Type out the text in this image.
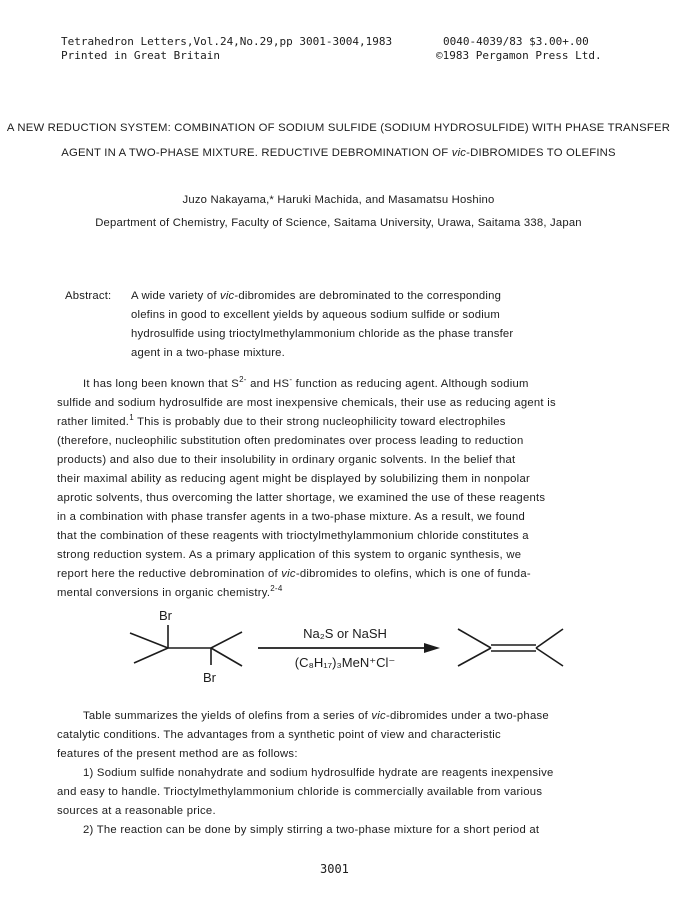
Tetrahedron Letters,Vol.24,No.29,pp 3001-3004,1983
Printed in Great Britain
0040-4039/83 $3.00+.00
©1983 Pergamon Press Ltd.
A NEW REDUCTION SYSTEM: COMBINATION OF SODIUM SULFIDE (SODIUM HYDROSULFIDE) WITH PHASE TRANSFER
AGENT IN A TWO-PHASE MIXTURE. REDUCTIVE DEBROMINATION OF vic-DIBROMIDES TO OLEFINS
Juzo Nakayama,* Haruki Machida, and Masamatsu Hoshino
Department of Chemistry, Faculty of Science, Saitama University, Urawa, Saitama 338, Japan
Abstract: A wide variety of vic-dibromides are debrominated to the corresponding
olefins in good to excellent yields by aqueous sodium sulfide or sodium
hydrosulfide using trioctylmethylammonium chloride as the phase transfer
agent in a two-phase mixture.
It has long been known that $S^{2-}$ and HS- function as reducing agent. Although sodium
sulfide and sodium hydrosulfide are most inexpensive chemicals, their use as reducing agent is
rather limited.$^1$ This is probably due to their strong nucleophilicity toward electrophiles
(therefore, nucleophilic substitution often predominates over process leading to reduction
products) and also due to their insolubility in ordinary organic solvents. In the belief that
their maximal ability as reducing agent might be displayed by solubilizing them in nonpolar
aprotic solvents, thus overcoming the latter shortage, we examined the use of these reagents
in a combination with phase transfer agents in a two-phase mixture. As a result, we found
that the combination of these reagents with trioctylmethylammonium chloride constitutes a
strong reduction system. As a primary application of this system to organic synthesis, we
report here the reductive debromination of vic-dibromides to olefins, which is one of funda-
mental conversions in organic chemistry.$^{2-4}$
Br
Br
Na₂S or NaSH
(C₈H₁₇)₃MeN⁺Cl⁻
Table summarizes the yields of olefins from a series of vic-dibromides under a two-phase
catalytic conditions. The advantages from a synthetic point of view and characteristic
features of the present method are as follows:
1) Sodium sulfide nonahydrate and sodium hydrosulfide hydrate are reagents inexpensive
and easy to handle. Trioctylmethylammonium chloride is commercially available from various
sources at a reasonable price.
2) The reaction can be done by simply stirring a two-phase mixture for a short period at
3001
